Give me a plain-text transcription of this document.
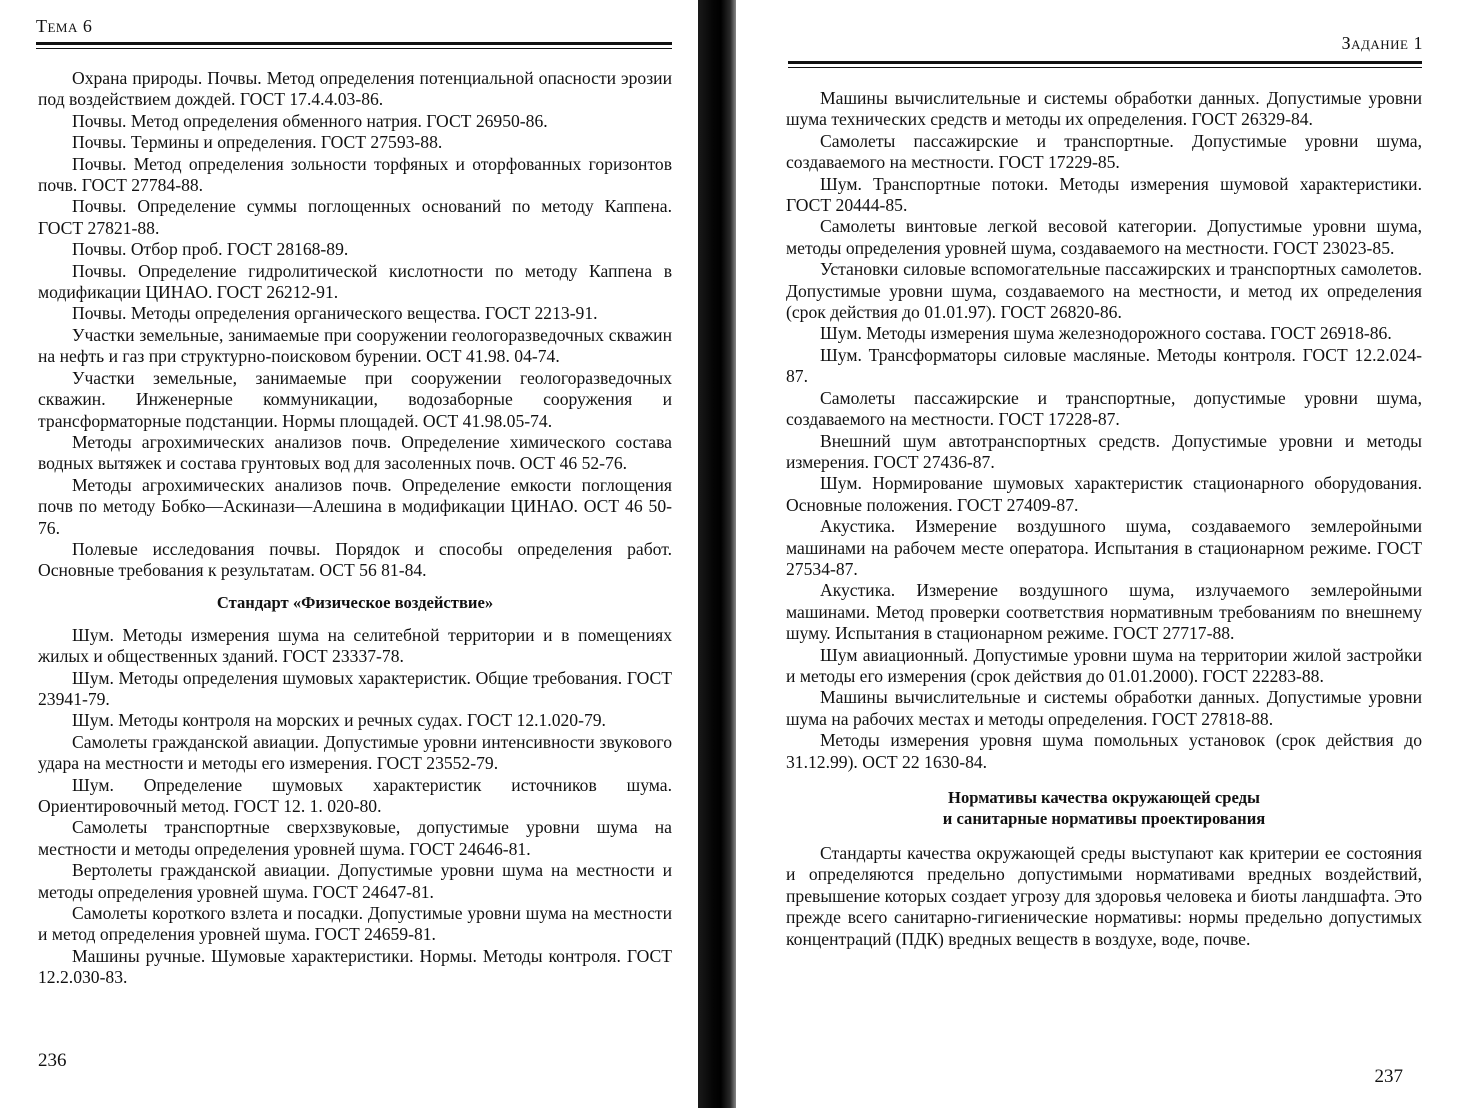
Тема 6

Охрана природы. Почвы. Метод определения потенциальной опасности эрозии под воздействием дождей. ГОСТ 17.4.4.03-86.

Почвы. Метод определения обменного натрия. ГОСТ 26950-86.

Почвы. Термины и определения. ГОСТ 27593-88.

Почвы. Метод определения зольности торфяных и оторфованных горизонтов почв. ГОСТ 27784-88.

Почвы. Определение суммы поглощенных оснований по методу Каппена. ГОСТ 27821-88.

Почвы. Отбор проб. ГОСТ 28168-89.

Почвы. Определение гидролитической кислотности по методу Каппена в модификации ЦИНАО. ГОСТ 26212-91.

Почвы. Методы определения органического вещества. ГОСТ 2213-91.

Участки земельные, занимаемые при сооружении геологоразведочных скважин на нефть и газ при структурно-поисковом бурении. ОСТ 41.98. 04-74.

Участки земельные, занимаемые при сооружении геологоразведочных скважин. Инженерные коммуникации, водозаборные сооружения и трансформаторные подстанции. Нормы площадей. ОСТ 41.98.05-74.

Методы агрохимических анализов почв. Определение химического состава водных вытяжек и состава грунтовых вод для засоленных почв. ОСТ 46 52-76.

Методы агрохимических анализов почв. Определение емкости поглощения почв по методу Бобко—Аскинази—Алешина в модификации ЦИНАО. ОСТ 46 50-76.

Полевые исследования почвы. Порядок и способы определения работ. Основные требования к результатам. ОСТ 56 81-84.

Стандарт «Физическое воздействие»

Шум. Методы измерения шума на селитебной территории и в помещениях жилых и общественных зданий. ГОСТ 23337-78.

Шум. Методы определения шумовых характеристик. Общие требования. ГОСТ 23941-79.

Шум. Методы контроля на морских и речных судах. ГОСТ 12.1.020-79.

Самолеты гражданской авиации. Допустимые уровни интенсивности звукового удара на местности и методы его измерения. ГОСТ 23552-79.

Шум. Определение шумовых характеристик источников шума. Ориентировочный метод. ГОСТ 12. 1. 020-80.

Самолеты транспортные сверхзвуковые, допустимые уровни шума на местности и методы определения уровней шума. ГОСТ 24646-81.

Вертолеты гражданской авиации. Допустимые уровни шума на местности и методы определения уровней шума. ГОСТ 24647-81.

Самолеты короткого взлета и посадки. Допустимые уровни шума на местности и метод определения уровней шума. ГОСТ 24659-81.

Машины ручные. Шумовые характеристики. Нормы. Методы контроля. ГОСТ 12.2.030-83.

236
Задание 1

Машины вычислительные и системы обработки данных. Допустимые уровни шума технических средств и методы их определения. ГОСТ 26329-84.

Самолеты пассажирские и транспортные. Допустимые уровни шума, создаваемого на местности. ГОСТ 17229-85.

Шум. Транспортные потоки. Методы измерения шумовой характеристики. ГОСТ 20444-85.

Самолеты винтовые легкой весовой категории. Допустимые уровни шума, методы определения уровней шума, создаваемого на местности. ГОСТ 23023-85.

Установки силовые вспомогательные пассажирских и транспортных самолетов. Допустимые уровни шума, создаваемого на местности, и метод их определения (срок действия до 01.01.97). ГОСТ 26820-86.

Шум. Методы измерения шума железнодорожного состава. ГОСТ 26918-86.

Шум. Трансформаторы силовые масляные. Методы контроля. ГОСТ 12.2.024-87.

Самолеты пассажирские и транспортные, допустимые уровни шума, создаваемого на местности. ГОСТ 17228-87.

Внешний шум автотранспортных средств. Допустимые уровни и методы измерения. ГОСТ 27436-87.

Шум. Нормирование шумовых характеристик стационарного оборудования. Основные положения. ГОСТ 27409-87.

Акустика. Измерение воздушного шума, создаваемого землеройными машинами на рабочем месте оператора. Испытания в стационарном режиме. ГОСТ 27534-87.

Акустика. Измерение воздушного шума, излучаемого землеройными машинами. Метод проверки соответствия нормативным требованиям по внешнему шуму. Испытания в стационарном режиме. ГОСТ 27717-88.

Шум авиационный. Допустимые уровни шума на территории жилой застройки и методы его измерения (срок действия до 01.01.2000). ГОСТ 22283-88.

Машины вычислительные и системы обработки данных. Допустимые уровни шума на рабочих местах и методы определения. ГОСТ 27818-88.

Методы измерения уровня шума помольных установок (срок действия до 31.12.99). ОСТ 22 1630-84.

Нормативы качества окружающей среды
и санитарные нормативы проектирования

Стандарты качества окружающей среды выступают как критерии ее состояния и определяются предельно допустимыми нормативами вредных воздействий, превышение которых создает угрозу для здоровья человека и биоты ландшафта. Это прежде всего санитарно-гигиенические нормативы: нормы предельно допустимых концентраций (ПДК) вредных веществ в воздухе, воде, почве.

237
